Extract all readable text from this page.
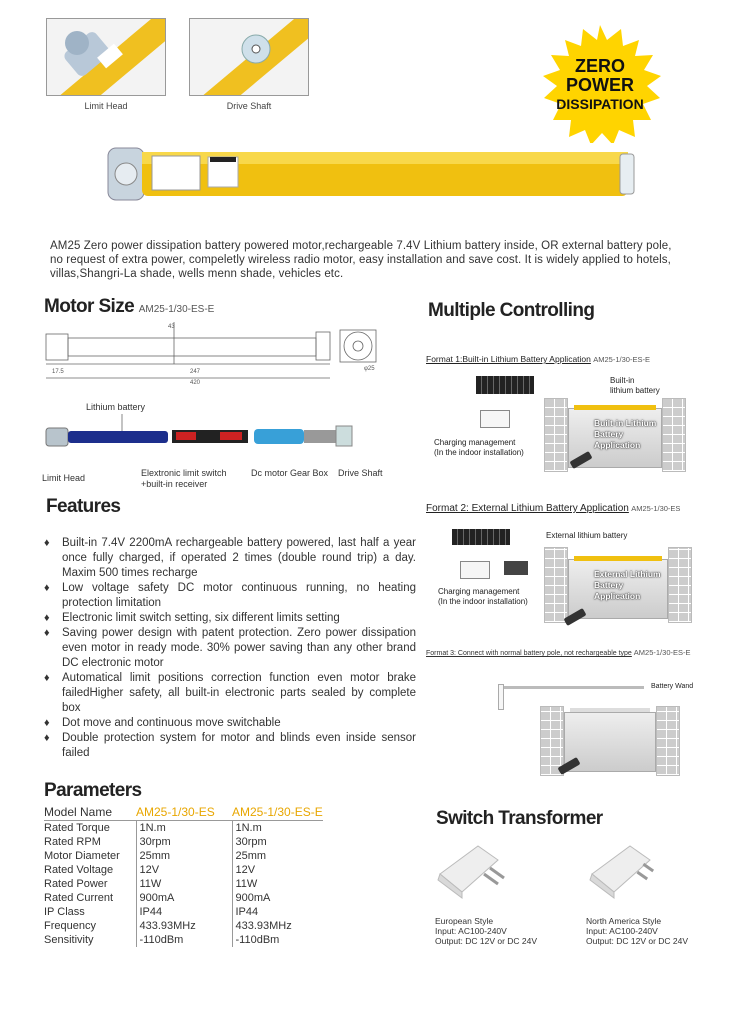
Limit Head	Drive Shaft
ZERO
POWER
DISSIPATION
AM25 Zero power dissipation battery powered motor,rechargeable 7.4V Lithium battery inside, OR external battery pole, no request of extra power, compeletly wireless radio motor, easy installation and save cost. It is widely applied to hotels, villas,Shangri-La shade, wells menn shade, vehicles etc.
Motor Size AM25-1/30-ES-E
247
420
17.5
43
φ25
Lithium battery
Limit Head	Elextronic limit switch
+built-in receiver
Dc motor Gear Box Drive Shaft
Features
♦ Built-in 7.4V 2200mA rechargeable battery powered, last half a year once fully charged, if operated 2 times (double round trip) a day. Maxim 500 times recharge
♦ Low voltage safety DC motor continuous running, no heating protection limitation
♦ Electronic limit switch setting, six different limits setting
♦ Saving power design with patent protection. Zero power dissipation even motor in ready mode. 30% power saving than any other brand DC electronic motor
♦ Automatical limit positions correction function even motor brake failedHigher safety, all built-in electronic parts sealed by complete box
♦ Dot move and continuous move switchable
♦ Double protection system for motor and blinds even inside sensor failed
Parameters
Model Name	AM25-1/30-ES	AM25-1/30-ES-E
Rated Torque	1N.m	1N.m
Rated RPM	30rpm	30rpm
Motor Diameter	25mm	25mm
Rated Voltage	12V	12V
Rated Power	11W	11W
Rated Current	900mA	900mA
IP Class	IP44	IP44
Frequency	433.93MHz	433.93MHz
Sensitivity	-110dBm	-110dBm
Multiple Controlling
Format 1:Built-in Lithium Battery Application AM25-1/30-ES-E
Built-in
lithium battery
Built-in Lithium
Battery
Application
Charging management
(In the indoor installation)
Format 2: External Lithium Battery Application AM25-1/30-ES
External lithium battery
External Lithium
Battery
Application
Charging management
(In the indoor installation)
Format 3: Connect with normal battery pole, not rechargeable type AM25-1/30-ES-E
Battery Wand
Switch Transformer
European Style
Input: AC100-240V
Output: DC 12V or DC 24V
North America Style
Input: AC100-240V
Output: DC 12V or DC 24V
